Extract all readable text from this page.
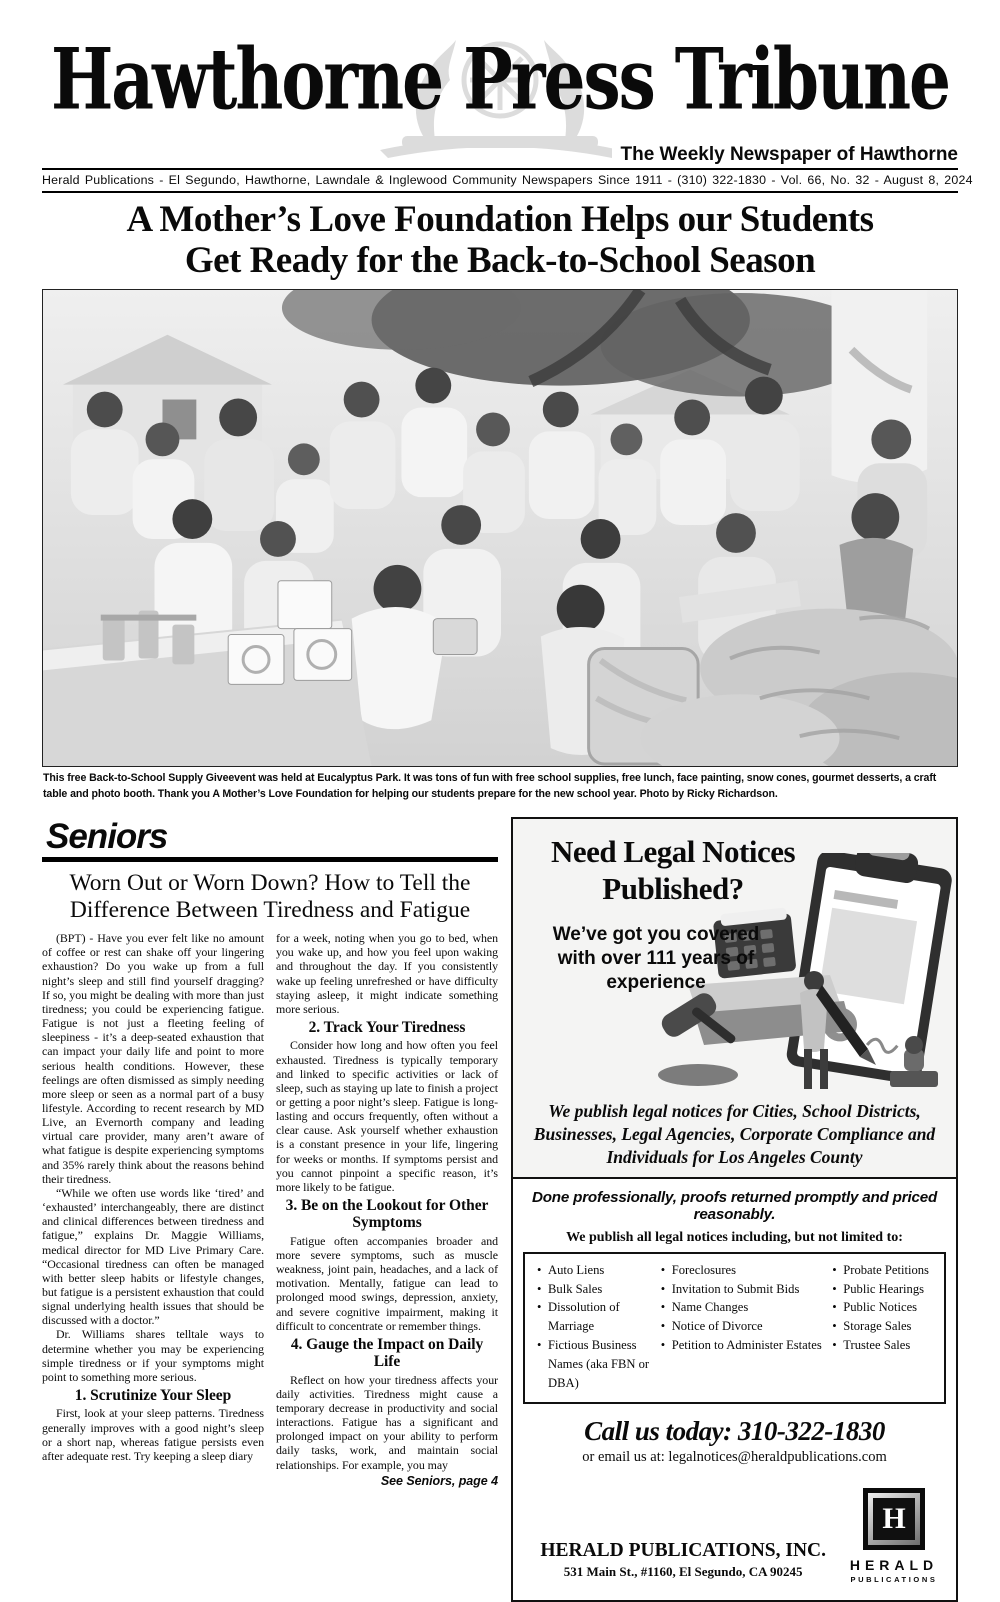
Hawthorne Press Tribune
The Weekly Newspaper of Hawthorne
Herald Publications - El Segundo, Hawthorne, Lawndale & Inglewood Community Newspapers Since 1911 - (310) 322-1830 - Vol. 66, No. 32 - August 8, 2024
A Mother’s Love Foundation Helps our Students
Get Ready for the Back-to-School Season
This free Back-to-School Supply Giveevent was held at Eucalyptus Park. It was tons of fun with free school supplies, free lunch, face painting, snow cones, gourmet desserts, a craft table and photo booth. Thank you A Mother’s Love Foundation for helping our students prepare for the new school year. Photo by Ricky Richardson.
Seniors
Worn Out or Worn Down? How to Tell the Difference Between Tiredness and Fatigue
(BPT) - Have you ever felt like no amount of coffee or rest can shake off your lingering exhaustion? Do you wake up from a full night’s sleep and still find yourself dragging? If so, you might be dealing with more than just tiredness; you could be experiencing fatigue. Fatigue is not just a fleeting feeling of sleepiness - it’s a deep-seated exhaustion that can impact your daily life and point to more serious health conditions. However, these feelings are often dismissed as simply needing more sleep or seen as a normal part of a busy lifestyle. According to recent research by MD Live, an Evernorth company and leading virtual care provider, many aren’t aware of what fatigue is despite experiencing symptoms and 35% rarely think about the reasons behind their tiredness.
“While we often use words like ‘tired’ and ‘exhausted’ interchangeably, there are distinct and clinical differences between tiredness and fatigue,” explains Dr. Maggie Williams, medical director for MD Live Primary Care. “Occasional tiredness can often be managed with better sleep habits or lifestyle changes, but fatigue is a persistent exhaustion that could signal underlying health issues that should be discussed with a doctor.”
Dr. Williams shares telltale ways to determine whether you may be experiencing simple tiredness or if your symptoms might point to something more serious.
1. Scrutinize Your Sleep
First, look at your sleep patterns. Tiredness generally improves with a good night’s sleep or a short nap, whereas fatigue persists even after adequate rest. Try keeping a sleep diary
for a week, noting when you go to bed, when you wake up, and how you feel upon waking and throughout the day. If you consistently wake up feeling unrefreshed or have difficulty staying asleep, it might indicate something more serious.
2. Track Your Tiredness
Consider how long and how often you feel exhausted. Tiredness is typically temporary and linked to specific activities or lack of sleep, such as staying up late to finish a project or getting a poor night’s sleep. Fatigue is long-lasting and occurs frequently, often without a clear cause. Ask yourself whether exhaustion is a constant presence in your life, lingering for weeks or months. If symptoms persist and you cannot pinpoint a specific reason, it’s more likely to be fatigue.
3. Be on the Lookout for Other Symptoms
Fatigue often accompanies broader and more severe symptoms, such as muscle weakness, joint pain, headaches, and a lack of motivation. Mentally, fatigue can lead to prolonged mood swings, depression, anxiety, and severe cognitive impairment, making it difficult to concentrate or remember things.
4. Gauge the Impact on Daily Life
Reflect on how your tiredness affects your daily activities. Tiredness might cause a temporary decrease in productivity and social interactions. Fatigue has a significant and prolonged impact on your ability to perform daily tasks, work, and maintain social relationships. For example, you may
See Seniors, page 4
Need Legal Notices
Published?
We’ve got you covered with over 111 years of experience
We publish legal notices for Cities, School Districts, Businesses, Legal Agencies, Corporate Compliance and Individuals for Los Angeles County
Done professionally, proofs returned promptly and priced reasonably.
We publish all legal notices including, but not limited to:
• Auto Liens
• Bulk Sales
• Dissolution of Marriage
• Fictious Business Names (aka FBN or DBA)
• Foreclosures
• Invitation to Submit Bids
• Name Changes
• Notice of Divorce
• Petition to Administer Estates
• Probate Petitions
• Public Hearings
• Public Notices
• Storage Sales
• Trustee Sales
Call us today: 310-322-1830
or email us at: legalnotices@heraldpublications.com
HERALD PUBLICATIONS, INC.
531 Main St., #1160, El Segundo, CA 90245
H
HERALD
PUBLICATIONS
